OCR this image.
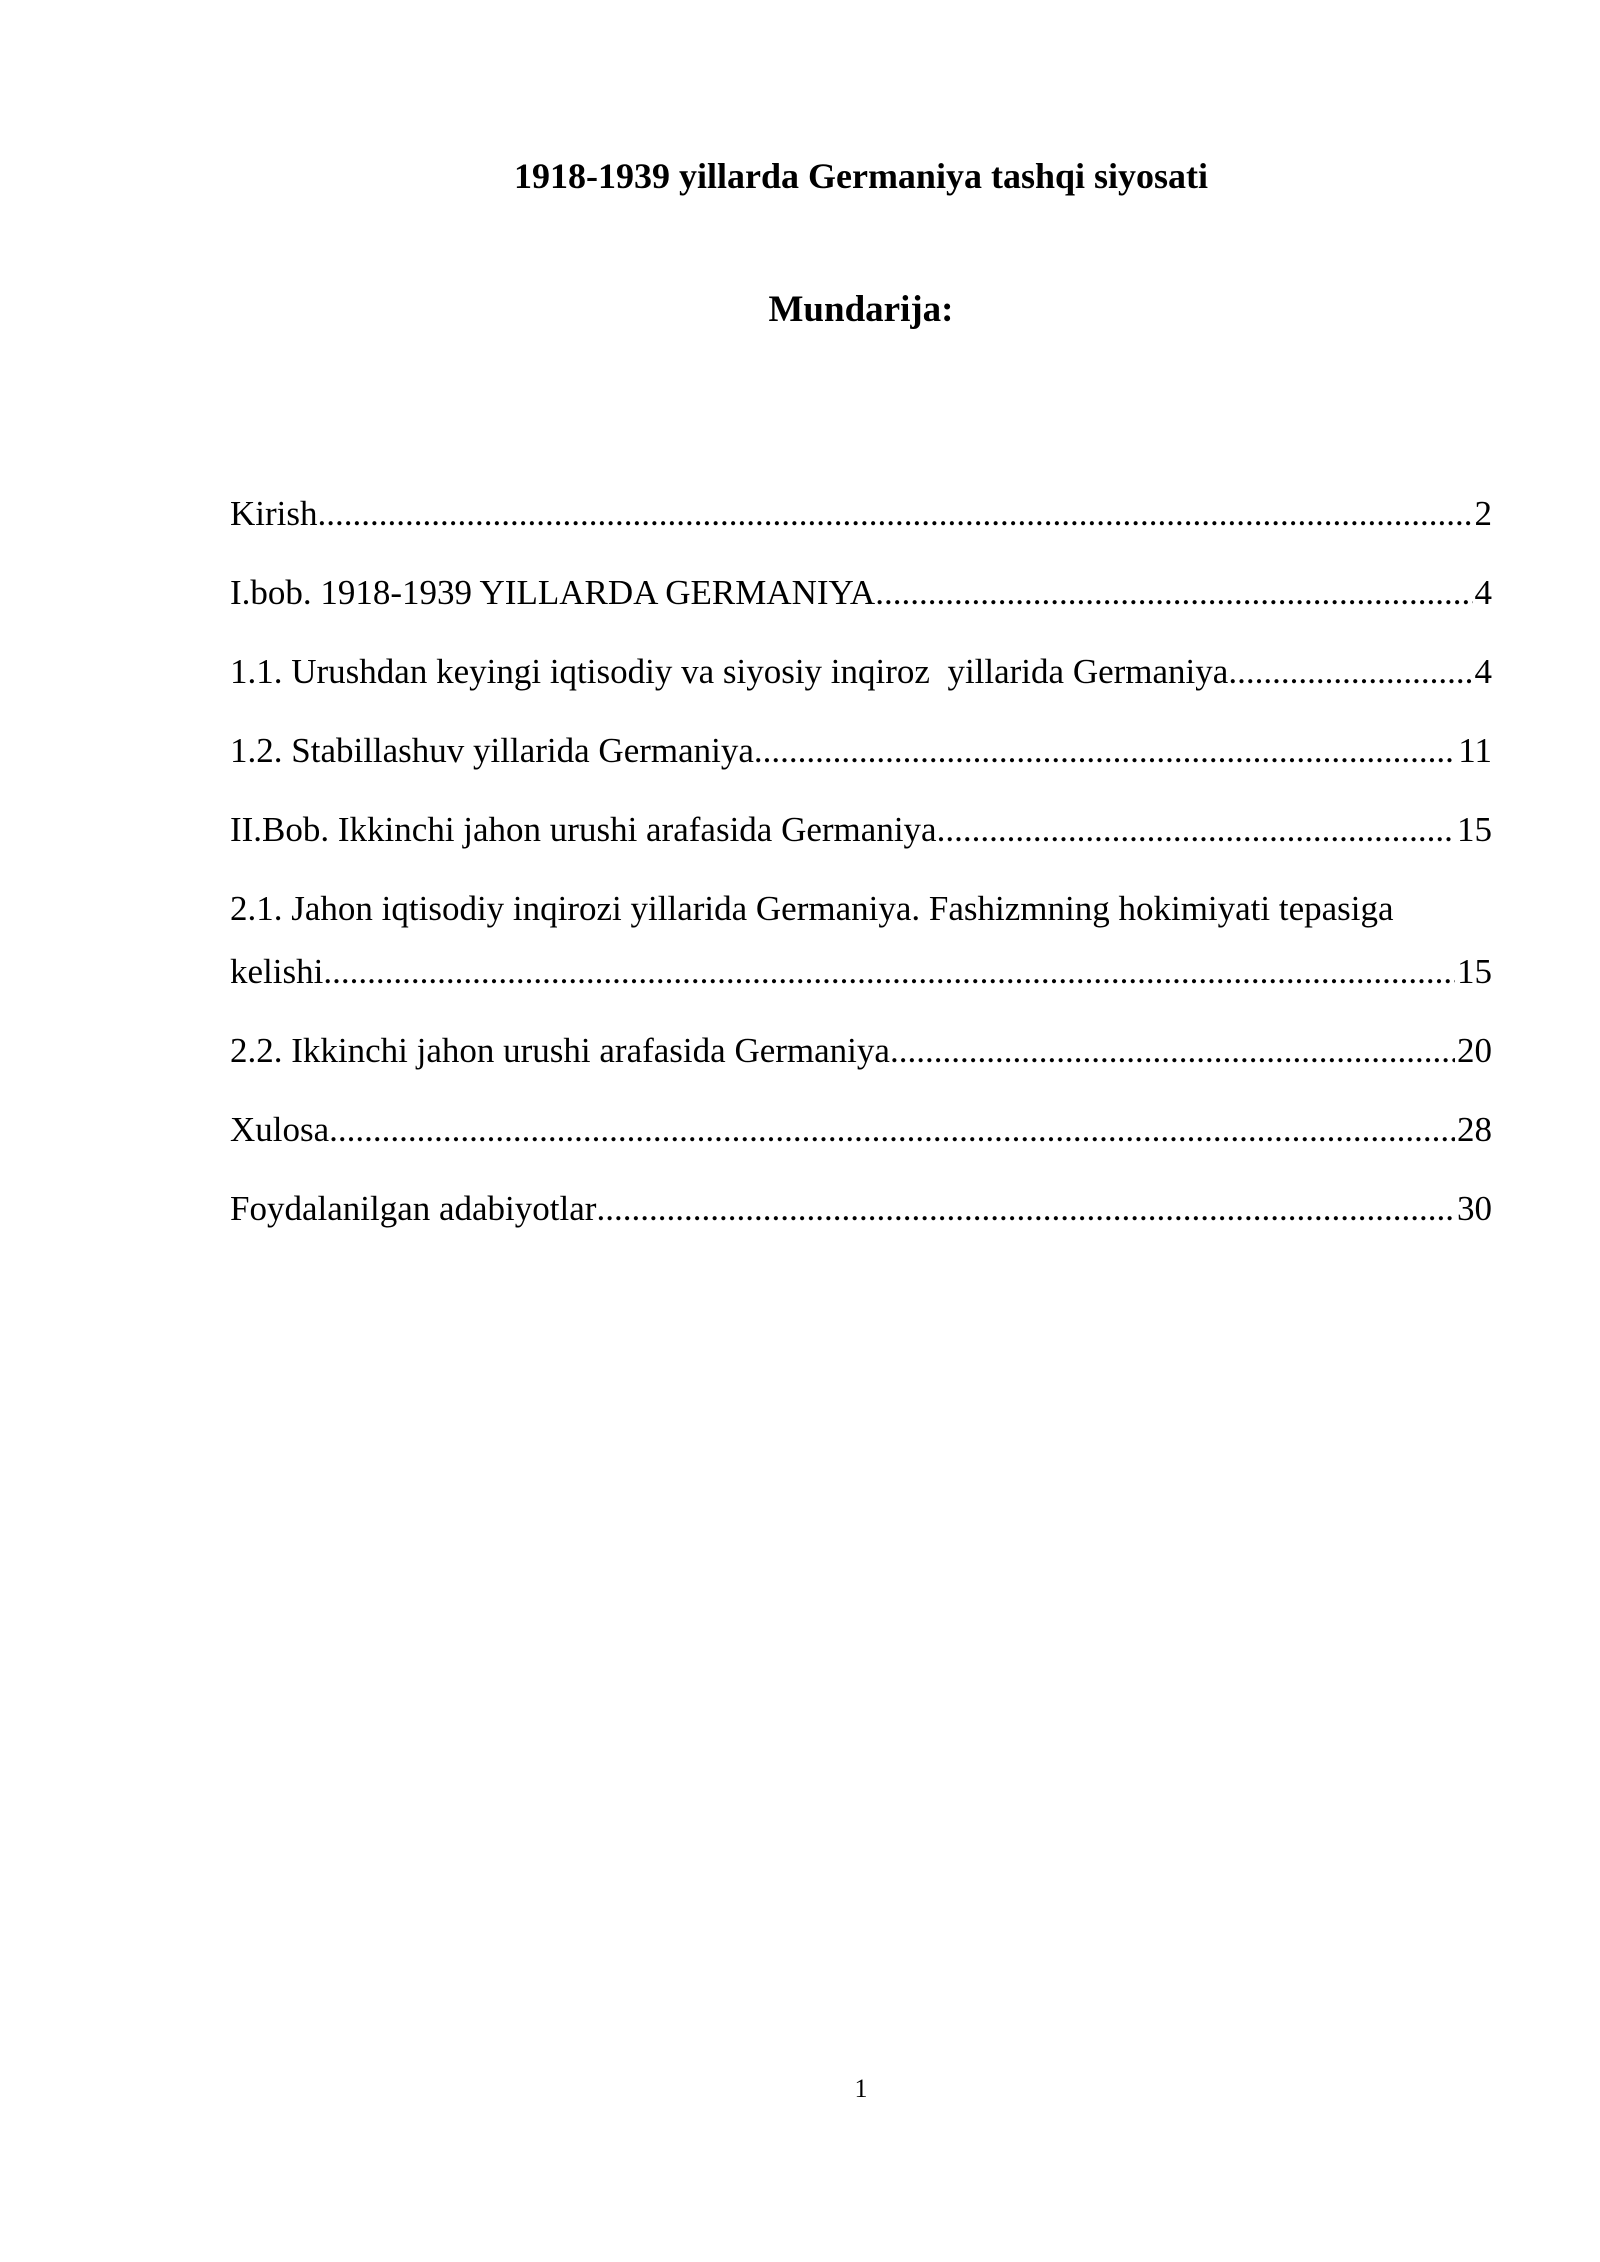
1918-1939 yillarda Germaniya tashqi siyosati
Mundarija:
Kirish .....	2
I.bob. 1918-1939 YILLARDA GERMANIYA .....	4
1.1. Urushdan keyingi iqtisodiy va siyosiy inqiroz  yillarida Germaniya .....	4
1.2. Stabillashuv yillarida Germaniya .....	11
II.Bob. Ikkinchi jahon urushi arafasida Germaniya .....	15
2.1. Jahon iqtisodiy inqirozi yillarida Germaniya. Fashizmning hokimiyati tepasiga
kelishi .....	15
2.2. Ikkinchi jahon urushi arafasida Germaniya .....	20
Xulosa .....	28
Foydalanilgan adabiyotlar .....	30
1
